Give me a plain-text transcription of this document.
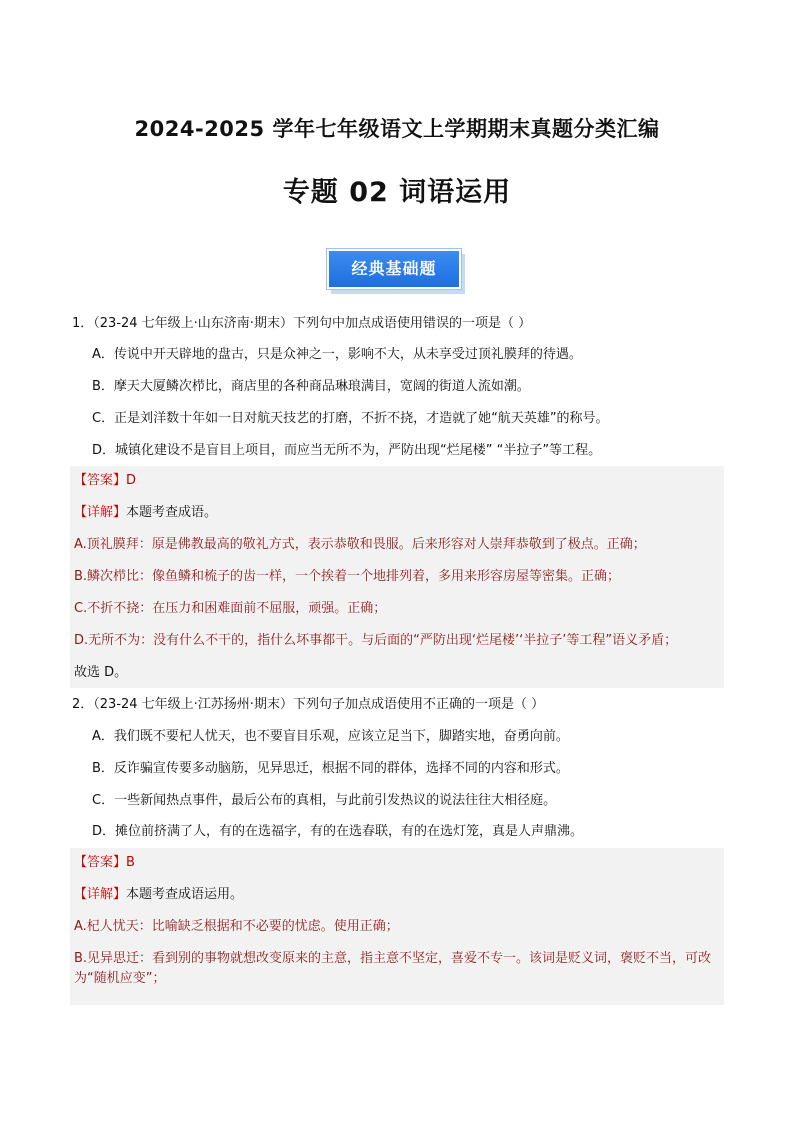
2024-2025 学年七年级语文上学期期末真题分类汇编
专题 02 词语运用
经典基础题
1．（23-24 七年级上·山东济南·期末）下列句中加点成语使用错误的一项是（ ）
A．传说中开天辟地的盘古，只是众神之一，影响不大，从未享受过顶礼膜拜的待遇。
B．摩天大厦鳞次栉比，商店里的各种商品琳琅满目，宽阔的街道人流如潮。
C．正是刘洋数十年如一日对航天技艺的打磨，不折不挠，才造就了她“航天英雄”的称号。
D．城镇化建设不是盲目上项目，而应当无所不为，严防出现“烂尾楼” “半拉子”等工程。
【答案】D
【详解】本题考查成语。
A.顶礼膜拜：原是佛教最高的敬礼方式，表示恭敬和畏服。后来形容对人崇拜恭敬到了极点。正确；
B.鳞次栉比：像鱼鳞和梳子的齿一样，一个挨着一个地排列着，多用来形容房屋等密集。正确；
C.不折不挠：在压力和困难面前不屈服，顽强。正确；
D.无所不为：没有什么不干的，指什么坏事都干。与后面的“严防出现‘烂尾楼’‘半拉子’等工程”语义矛盾；
故选 D。
2．（23-24 七年级上·江苏扬州·期末）下列句子加点成语使用不正确的一项是（ ）
A．我们既不要杞人忧天，也不要盲目乐观，应该立足当下，脚踏实地，奋勇向前。
B．反诈骗宣传要多动脑筋，见异思迁，根据不同的群体，选择不同的内容和形式。
C．一些新闻热点事件，最后公布的真相，与此前引发热议的说法往往大相径庭。
D．摊位前挤满了人，有的在选福字，有的在选春联，有的在选灯笼，真是人声鼎沸。
【答案】B
【详解】本题考查成语运用。
A.杞人忧天：比喻缺乏根据和不必要的忧虑。使用正确；
B.见异思迁：看到别的事物就想改变原来的主意，指主意不坚定，喜爱不专一。该词是贬义词，褒贬不当，可改为“随机应变”；
